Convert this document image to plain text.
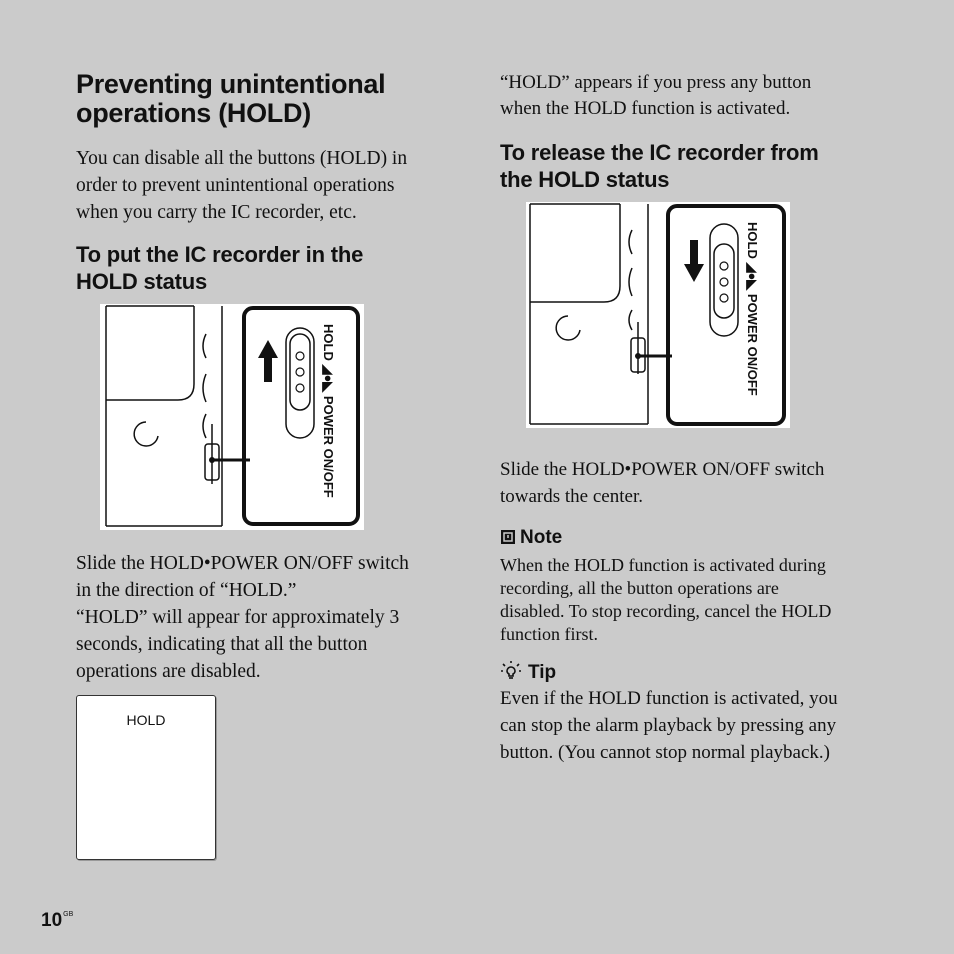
Preventing unintentional
operations (HOLD)
You can disable all the buttons (HOLD) in
order to prevent unintentional operations
when you carry the IC recorder, etc.
To put the IC recorder in the
HOLD status
HOLD ◢●◣ POWER ON/OFF
Slide the HOLD•POWER ON/OFF switch
in the direction of “HOLD.”
“HOLD” will appear for approximately 3
seconds, indicating that all the button
operations are disabled.
HOLD
$10^{GB}$
“HOLD” appears if you press any button
when the HOLD function is activated.
To release the IC recorder from
the HOLD status
HOLD ◢●◣ POWER ON/OFF
Slide the HOLD•POWER ON/OFF switch
towards the center.
Note
When the HOLD function is activated during
recording, all the button operations are
disabled. To stop recording, cancel the HOLD
function first.
Tip
Even if the HOLD function is activated, you
can stop the alarm playback by pressing any
button. (You cannot stop normal playback.)
